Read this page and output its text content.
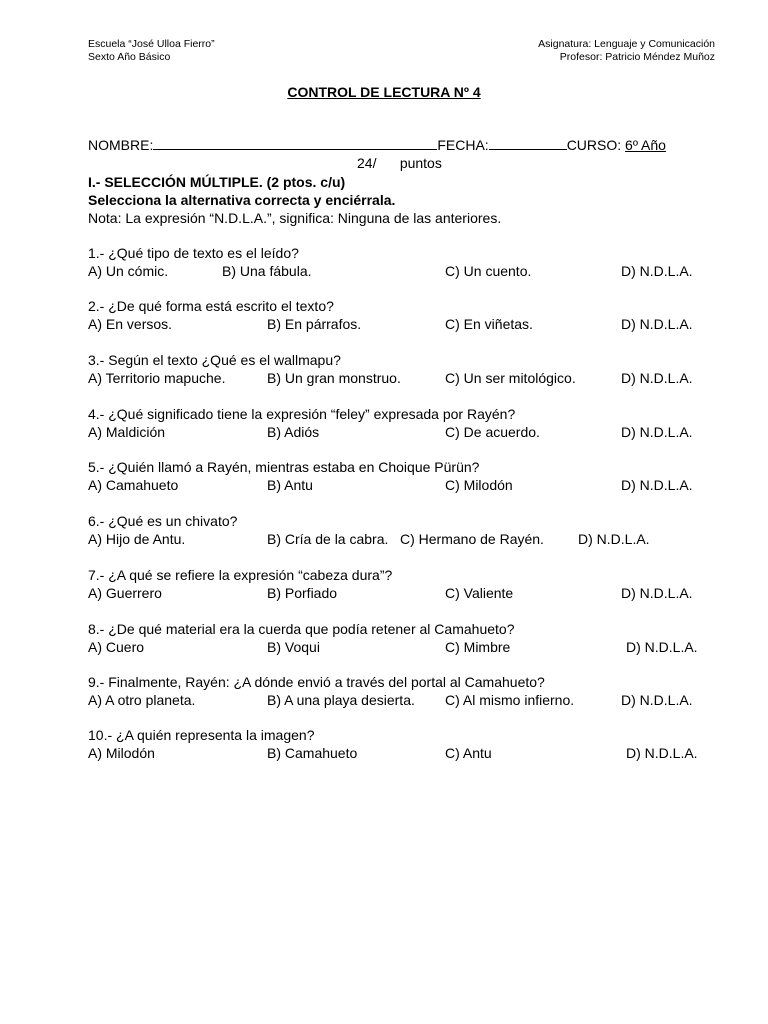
Escuela “José Ulloa Fierro”
Sexto Año Básico
Asignatura: Lenguaje y Comunicación
Profesor: Patricio Méndez Muñoz
CONTROL DE LECTURA Nº 4
NOMBRE:	FECHA:	CURSO: 6º Año
24/ puntos
I.- SELECCIÓN MÚLTIPLE. (2 ptos. c/u)
Selecciona la alternativa correcta y enciérrala.
Nota: La expresión “N.D.L.A.”, significa: Ninguna de las anteriores.
1.- ¿Qué tipo de texto es el leído?
A) Un cómic.	B) Una fábula.	C) Un cuento.	D) N.D.L.A.
2.- ¿De qué forma está escrito el texto?
A) En versos.	B) En párrafos.	C) En viñetas.	D) N.D.L.A.
3.- Según el texto ¿Qué es el wallmapu?
A) Territorio mapuche.	B) Un gran monstruo.	C) Un ser mitológico.	D) N.D.L.A.
4.- ¿Qué significado tiene la expresión “feley” expresada por Rayén?
A) Maldición	B) Adiós	C) De acuerdo.	D) N.D.L.A.
5.- ¿Quién llamó a Rayén, mientras estaba en Choique Pürün?
A) Camahueto	B) Antu	C) Milodón	D) N.D.L.A.
6.- ¿Qué es un chivato?
A) Hijo de Antu.	B) Cría de la cabra. C) Hermano de Rayén. D) N.D.L.A.
7.- ¿A qué se refiere la expresión “cabeza dura”?
A) Guerrero	B) Porfiado	C) Valiente	D) N.D.L.A.
8.- ¿De qué material era la cuerda que podía retener al Camahueto?
A) Cuero	B) Voqui	C) Mimbre	D) N.D.L.A.
9.- Finalmente, Rayén: ¿A dónde envió a través del portal al Camahueto?
A) A otro planeta.	B) A una playa desierta. C) Al mismo infierno.	D) N.D.L.A.
10.- ¿A quién representa la imagen?
A) Milodón	B) Camahueto	C) Antu	D) N.D.L.A.
